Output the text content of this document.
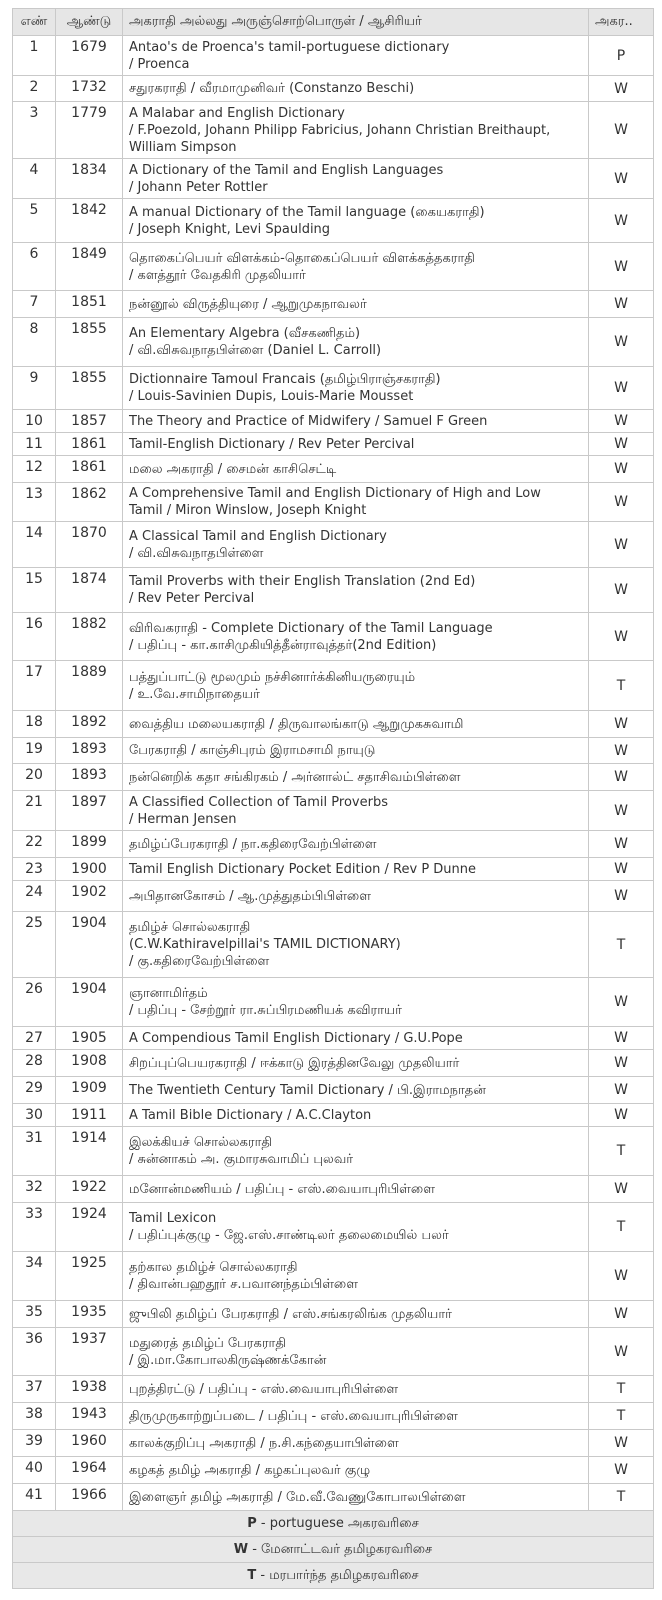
எண்	ஆண்டு	அகராதி அல்லது அருஞ்சொற்பொருள் / ஆசிரியர்	அகர..
1	1679	Antao's de Proenca's tamil-portuguese dictionary
/ Proenca	P
2	1732	சதுரகராதி / வீரமாமுனிவர் (Constanzo Beschi)	W
3	1779	A Malabar and English Dictionary
/ F.Poezold, Johann Philipp Fabricius, Johann Christian Breithaupt, William Simpson	W
4	1834	A Dictionary of the Tamil and English Languages
/ Johann Peter Rottler	W
5	1842	A manual Dictionary of the Tamil language (கையகராதி)
/ Joseph Knight, Levi Spaulding	W
6	1849	தொகைப்பெயர் விளக்கம்-தொகைப்பெயர் விளக்கத்தகராதி
/ களத்தூர் வேதகிரி முதலியார்	W
7	1851	நன்னூல் விருத்தியுரை / ஆறுமுகநாவலர்	W
8	1855	An Elementary Algebra (வீசகணிதம்)
/ வி.விசுவநாதபிள்ளை (Daniel L. Carroll)	W
9	1855	Dictionnaire Tamoul Francais (தமிழ்பிராஞ்சகராதி)
/ Louis-Savinien Dupis, Louis-Marie Mousset	W
10	1857	The Theory and Practice of Midwifery / Samuel F Green	W
11	1861	Tamil-English Dictionary / Rev Peter Percival	W
12	1861	மலை அகராதி / சைமன் காசிசெட்டி	W
13	1862	A Comprehensive Tamil and English Dictionary of High and Low
Tamil / Miron Winslow, Joseph Knight	W
14	1870	A Classical Tamil and English Dictionary
/ வி.விசுவநாதபிள்ளை	W
15	1874	Tamil Proverbs with their English Translation (2nd Ed)
/ Rev Peter Percival	W
16	1882	விரிவகராதி - Complete Dictionary of the Tamil Language
/ பதிப்பு - கா.காசிமுகியித்தீன்ராவுத்தர்(2nd Edition)	W
17	1889	பத்துப்பாட்டு மூலமும் நச்சினார்க்கினியருரையும்
/ உ.வே.சாமிநாதையர்	T
18	1892	வைத்திய மலையகராதி / திருவாலங்காடு ஆறுமுகசுவாமி	W
19	1893	பேரகராதி / காஞ்சிபுரம் இராமசாமி நாயுடு	W
20	1893	நன்னெறிக் கதா சங்கிரகம் / அர்னால்ட் சதாசிவம்பிள்ளை	W
21	1897	A Classified Collection of Tamil Proverbs
/ Herman Jensen	W
22	1899	தமிழ்ப்பேரகராதி / நா.கதிரைவேற்பிள்ளை	W
23	1900	Tamil English Dictionary Pocket Edition / Rev P Dunne	W
24	1902	அபிதானகோசம் / ஆ.முத்துதம்பிபிள்ளை	W
25	1904	தமிழ்ச் சொல்லகராதி
(C.W.Kathiravelpillai's TAMIL DICTIONARY)
/ கு.கதிரைவேற்பிள்ளை	T
26	1904	ஞானாமிர்தம்
/ பதிப்பு - சேற்றூர் ரா.சுப்பிரமணியக் கவிராயர்	W
27	1905	A Compendious Tamil English Dictionary / G.U.Pope	W
28	1908	சிறப்புப்பெயரகராதி / ஈக்காடு இரத்தினவேலு முதலியார்	W
29	1909	The Twentieth Century Tamil Dictionary / பி.இராமநாதன்	W
30	1911	A Tamil Bible Dictionary / A.C.Clayton	W
31	1914	இலக்கியச் சொல்லகராதி
/ சுன்னாகம் அ. குமாரசுவாமிப் புலவர்	T
32	1922	மனோன்மணியம் / பதிப்பு - எஸ்.வையாபுரிபிள்ளை	W
33	1924	Tamil Lexicon
/ பதிப்புக்குழு - ஜே.எஸ்.சாண்டிலர் தலைமையில் பலர்	T
34	1925	தற்கால தமிழ்ச் சொல்லகராதி
/ திவான்பஹதூர் ச.பவானந்தம்பிள்ளை	W
35	1935	ஜுபிலி தமிழ்ப் பேரகராதி / எஸ்.சங்கரலிங்க முதலியார்	W
36	1937	மதுரைத் தமிழ்ப் பேரகராதி
/ இ.மா.கோபாலகிருஷ்ணக்கோன்	W
37	1938	புறத்திரட்டு / பதிப்பு - எஸ்.வையாபுரிபிள்ளை	T
38	1943	திருமுருகாற்றுப்படை / பதிப்பு - எஸ்.வையாபுரிபிள்ளை	T
39	1960	காலக்குறிப்பு அகராதி / ந.சி.கந்தையாபிள்ளை	W
40	1964	கழகத் தமிழ் அகராதி / கழகப்புலவர் குழு	W
41	1966	இளைஞர் தமிழ் அகராதி / மே.வீ.வேணுகோபாலபிள்ளை	T
P - portuguese அகரவரிசை			
W - மேனாட்டவர் தமிழகரவரிசை			
T - மரபார்ந்த தமிழகரவரிசை			
